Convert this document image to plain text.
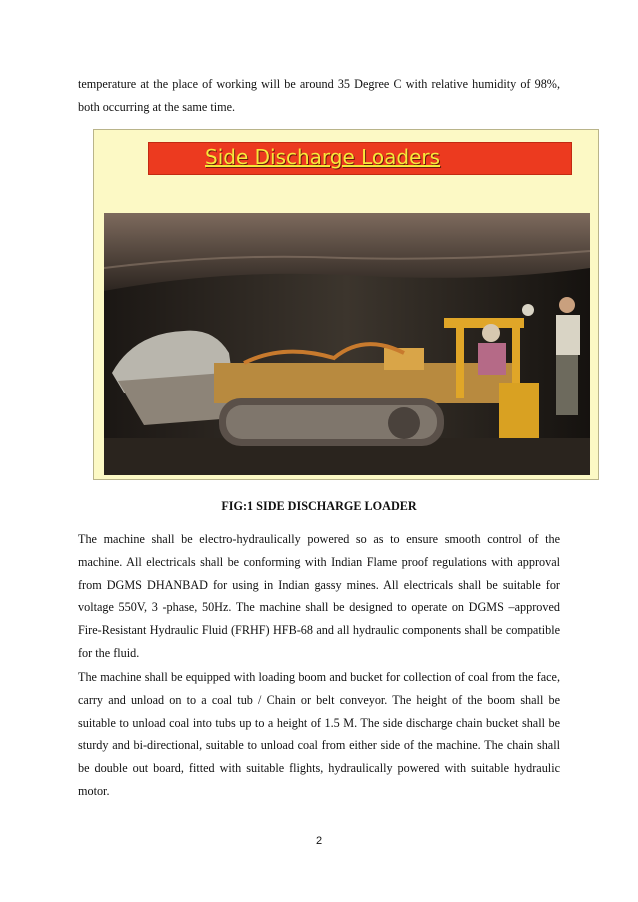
temperature at the place of working will be around 35 Degree C with relative humidity of 98%, both occurring at the same time.

Side Discharge Loaders

FIG:1 SIDE DISCHARGE LOADER

The machine shall be electro-hydraulically powered so as to ensure smooth control of the machine. All electricals shall be conforming with Indian Flame proof regulations with approval from DGMS DHANBAD for using in Indian gassy mines. All electricals shall be suitable for voltage 550V, 3 -phase, 50Hz. The machine shall be designed to operate on DGMS –approved Fire-Resistant Hydraulic Fluid (FRHF) HFB-68 and all hydraulic components shall be compatible for the fluid.

The machine shall be equipped with loading boom and bucket for collection of coal from the face, carry and unload on to a coal tub / Chain or belt conveyor. The height of the boom shall be suitable to unload coal into tubs up to a height of 1.5 M. The side discharge chain bucket shall be sturdy and bi-directional, suitable to unload coal from either side of the machine. The chain shall be double out board, fitted with suitable flights, hydraulically powered with suitable hydraulic motor.

2
